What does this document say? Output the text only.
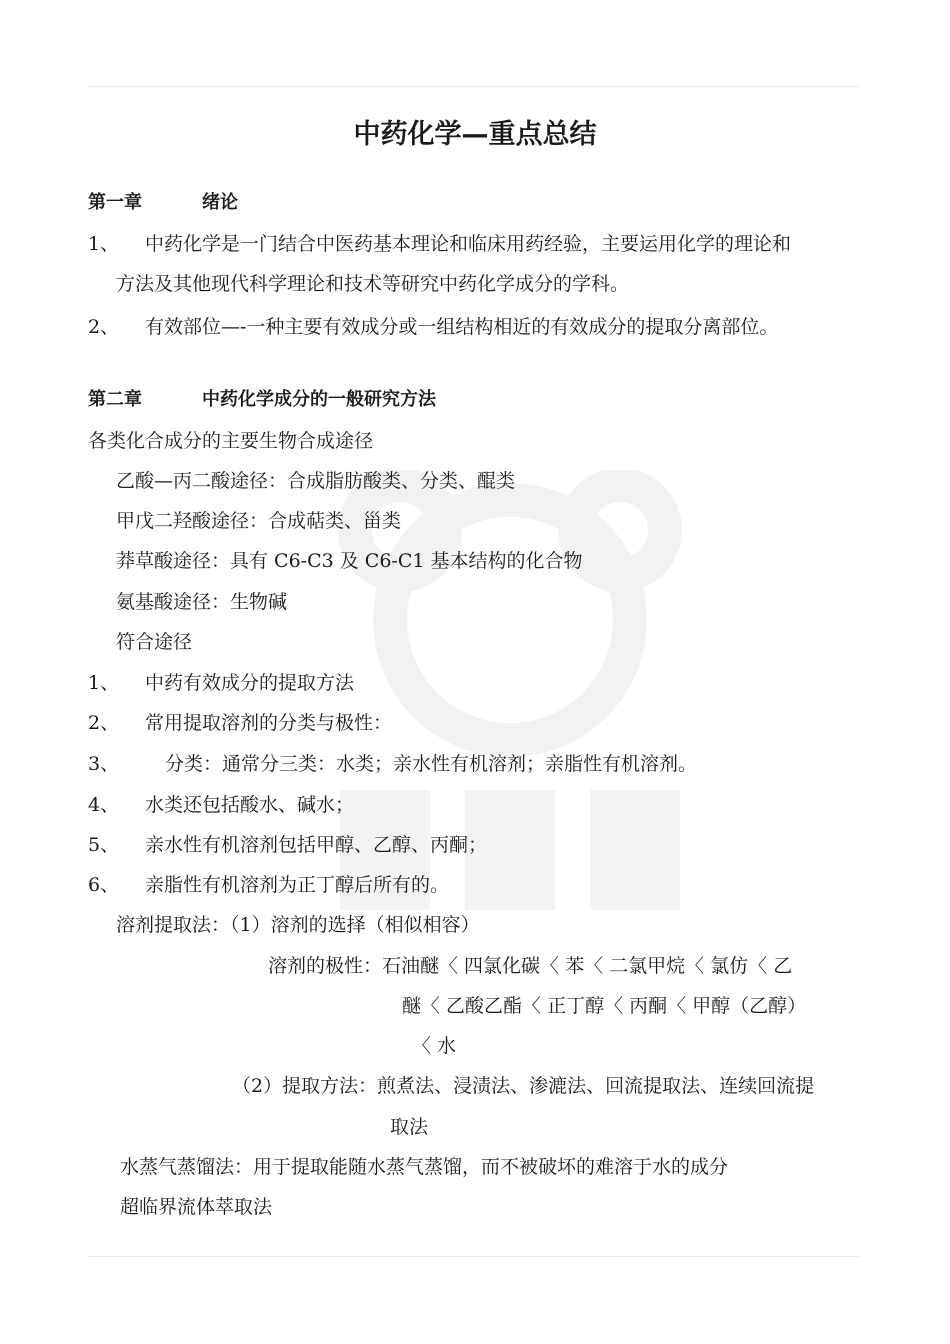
中药化学—重点总结
第一章	绪论
1、 中药化学是一门结合中医药基本理论和临床用药经验，主要运用化学的理论和
方法及其他现代科学理论和技术等研究中药化学成分的学科。
2、 有效部位—-一种主要有效成分或一组结构相近的有效成分的提取分离部位。
第二章	中药化学成分的一般研究方法
各类化合成分的主要生物合成途径
乙酸—丙二酸途径：合成脂肪酸类、分类、醌类
甲戊二羟酸途径：合成萜类、甾类
莽草酸途径：具有 C6-C3 及 C6-C1 基本结构的化合物
氨基酸途径：生物碱
符合途径
1、 中药有效成分的提取方法
2、 常用提取溶剂的分类与极性：
3、 分类：通常分三类：水类；亲水性有机溶剂；亲脂性有机溶剂。
4、 水类还包括酸水、碱水；
5、 亲水性有机溶剂包括甲醇、乙醇、丙酮；
6、 亲脂性有机溶剂为正丁醇后所有的。
溶剂提取法：（1）溶剂的选择（相似相容）
溶剂的极性：石油醚〈 四氯化碳〈 苯〈 二氯甲烷〈 氯仿〈 乙
醚〈 乙酸乙酯〈 正丁醇〈 丙酮〈 甲醇（乙醇）
〈 水
（2）提取方法：煎煮法、浸渍法、渗漉法、回流提取法、连续回流提
取法
水蒸气蒸馏法：用于提取能随水蒸气蒸馏，而不被破坏的难溶于水的成分
超临界流体萃取法
